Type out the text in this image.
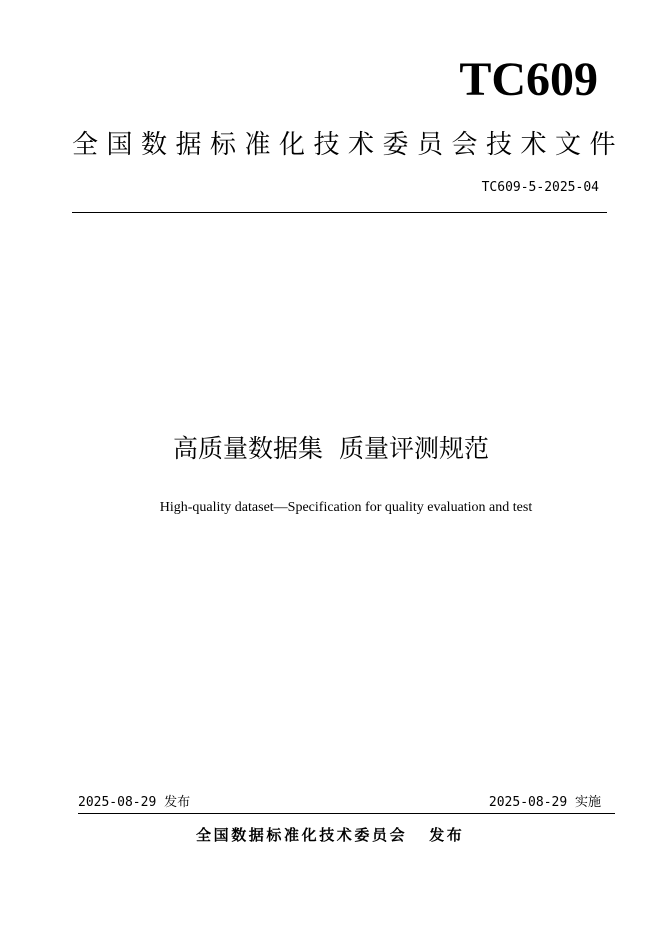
TC609
全国数据标准化技术委员会技术文件
TC609-5-2025-04
高质量数据集  质量评测规范
High-quality dataset—Specification for quality evaluation and test
2025-08-29 发布	2025-08-29 实施
全国数据标准化技术委员会 发布
